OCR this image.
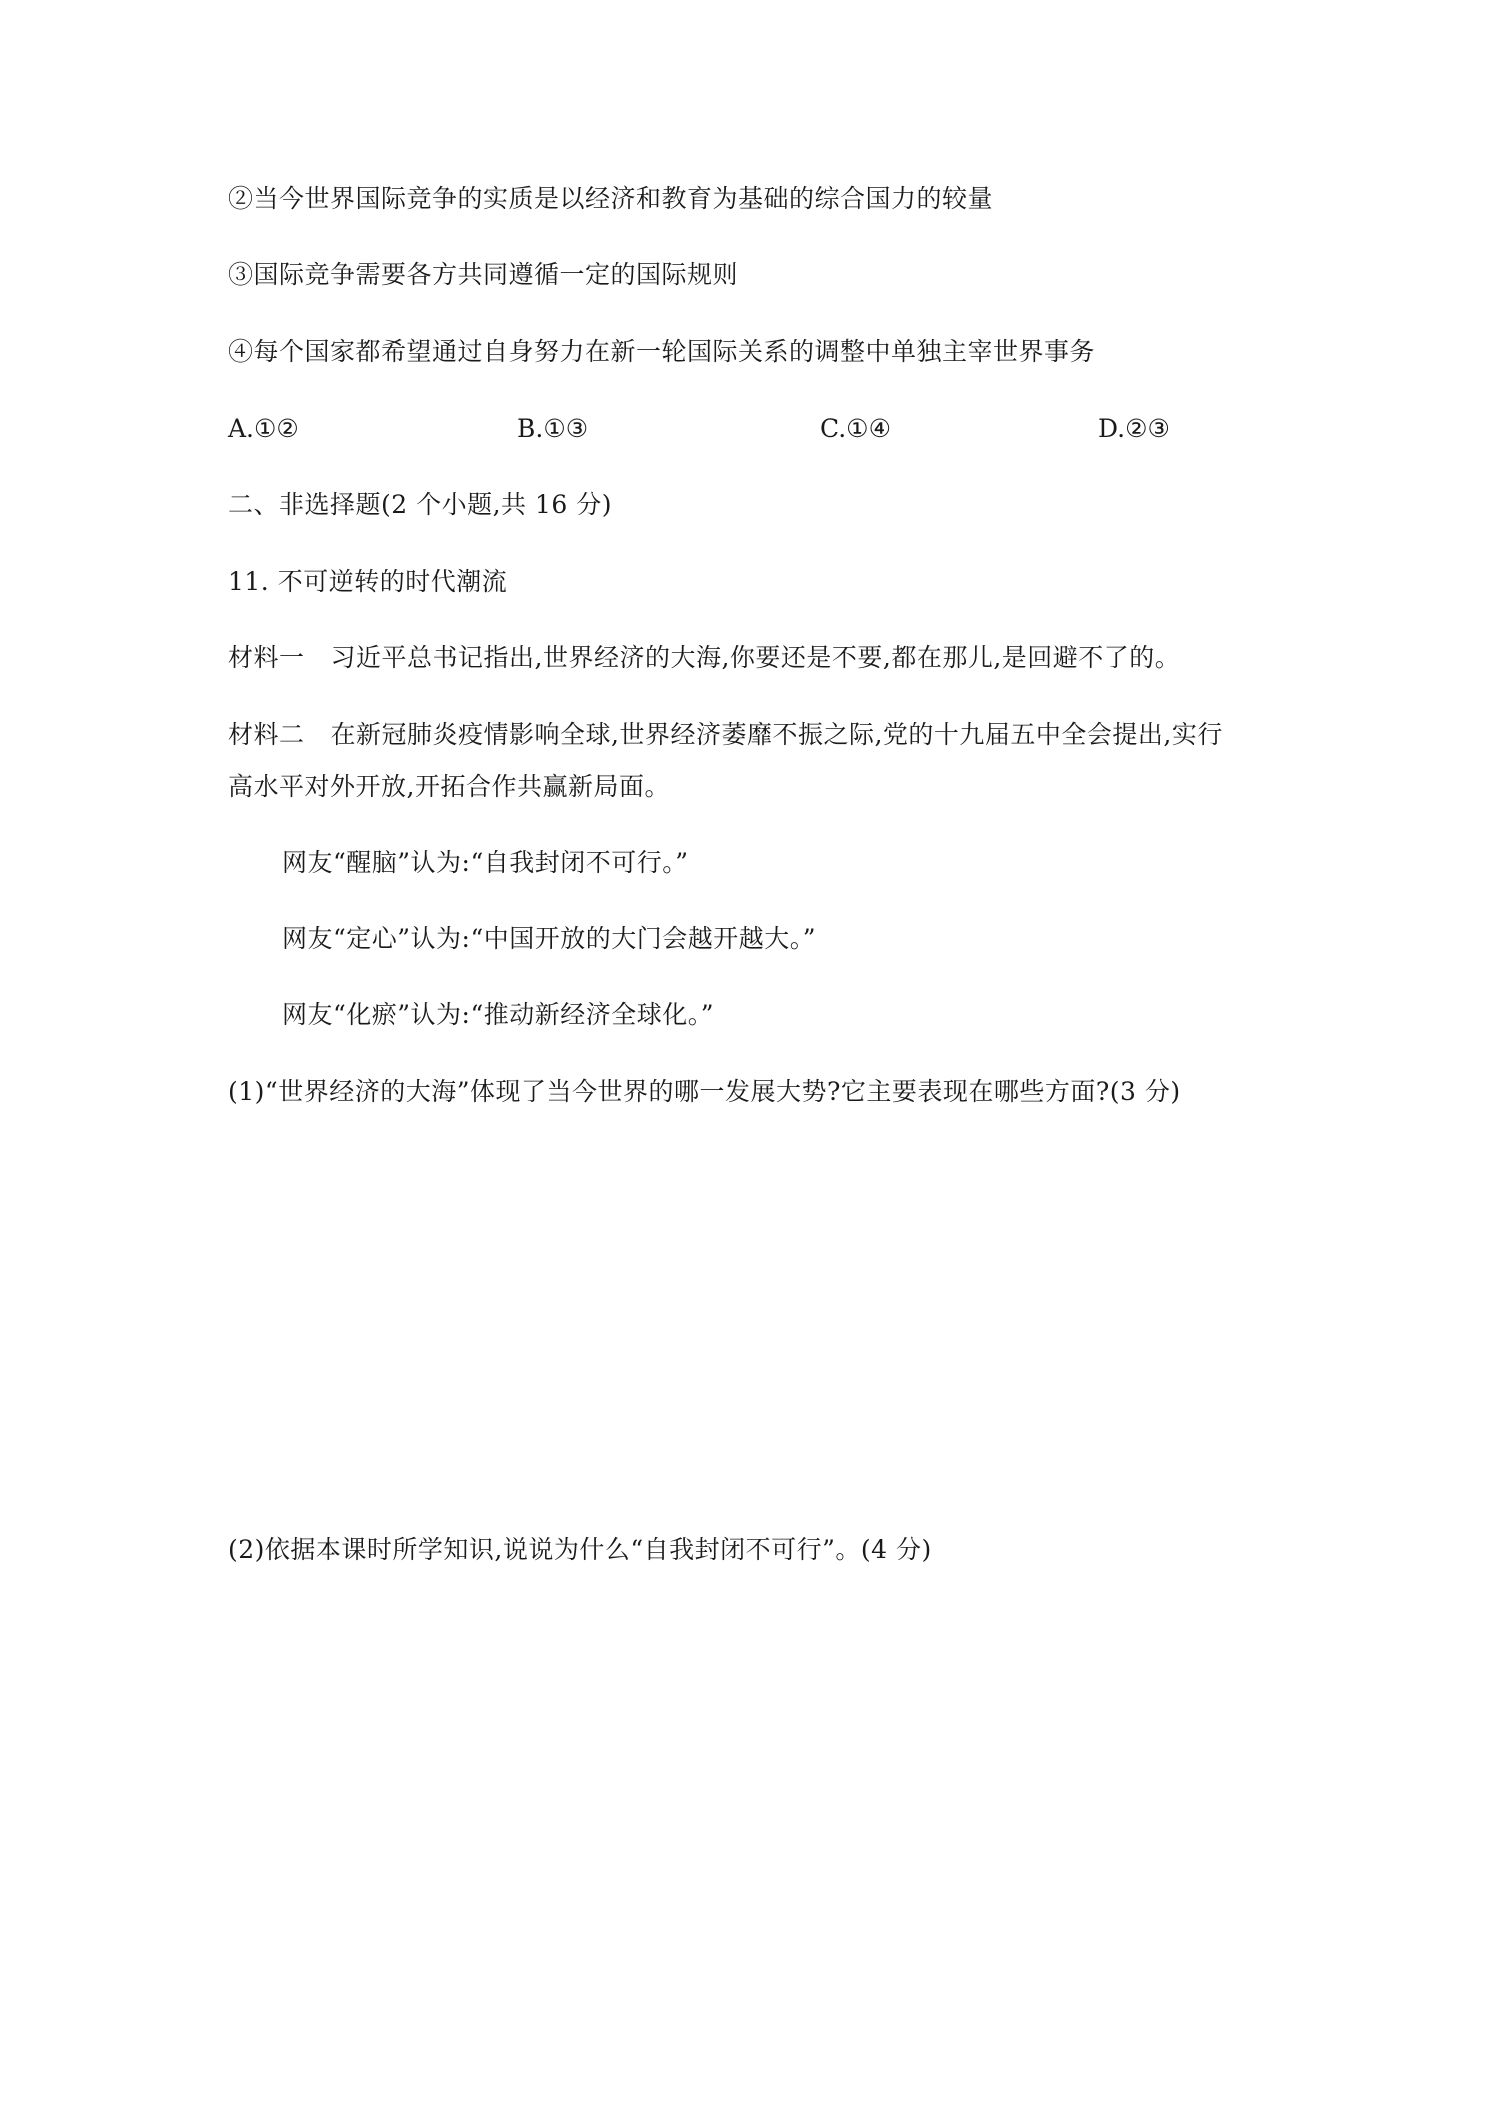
②当今世界国际竞争的实质是以经济和教育为基础的综合国力的较量
③国际竞争需要各方共同遵循一定的国际规则
④每个国家都希望通过自身努力在新一轮国际关系的调整中单独主宰世界事务
A.①②	B.①③	C.①④	D.②③
二、非选择题(2 个小题,共 16 分)
11. 不可逆转的时代潮流
材料一 习近平总书记指出,世界经济的大海,你要还是不要,都在那儿,是回避不了的。
材料二 在新冠肺炎疫情影响全球,世界经济萎靡不振之际,党的十九届五中全会提出,实行
高水平对外开放,开拓合作共赢新局面。
网友“醒脑”认为:“自我封闭不可行。”
网友“定心”认为:“中国开放的大门会越开越大。”
网友“化瘀”认为:“推动新经济全球化。”
(1)“世界经济的大海”体现了当今世界的哪一发展大势?它主要表现在哪些方面?(3 分)
(2)依据本课时所学知识,说说为什么“自我封闭不可行”。(4 分)
